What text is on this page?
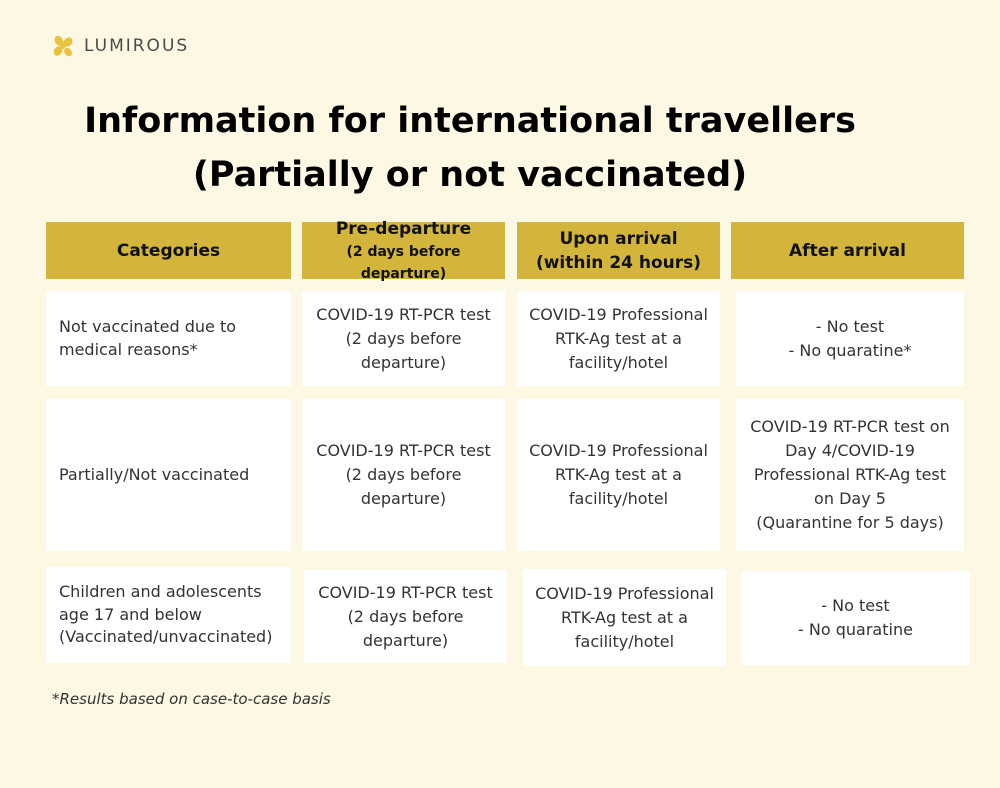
LUMIROUS
Information for international travellers
(Partially or not vaccinated)
Categories
Pre-departure
(2 days before departure)
Upon arrival
(within 24 hours)
After arrival
Not vaccinated due to medical reasons*
COVID-19 RT-PCR test
(2 days before
departure)
COVID-19 Professional
RTK-Ag test at a
facility/hotel
- No test
- No quaratine*
Partially/Not vaccinated
COVID-19 RT-PCR test
(2 days before
departure)
COVID-19 Professional
RTK-Ag test at a
facility/hotel
COVID-19 RT-PCR test on
Day 4/COVID-19
Professional RTK-Ag test
on Day 5
(Quarantine for 5 days)
Children and adolescents age 17 and below (Vaccinated/unvaccinated)
COVID-19 RT-PCR test
(2 days before
departure)
COVID-19 Professional
RTK-Ag test at a
facility/hotel
- No test
- No quaratine
*Results based on case-to-case basis
